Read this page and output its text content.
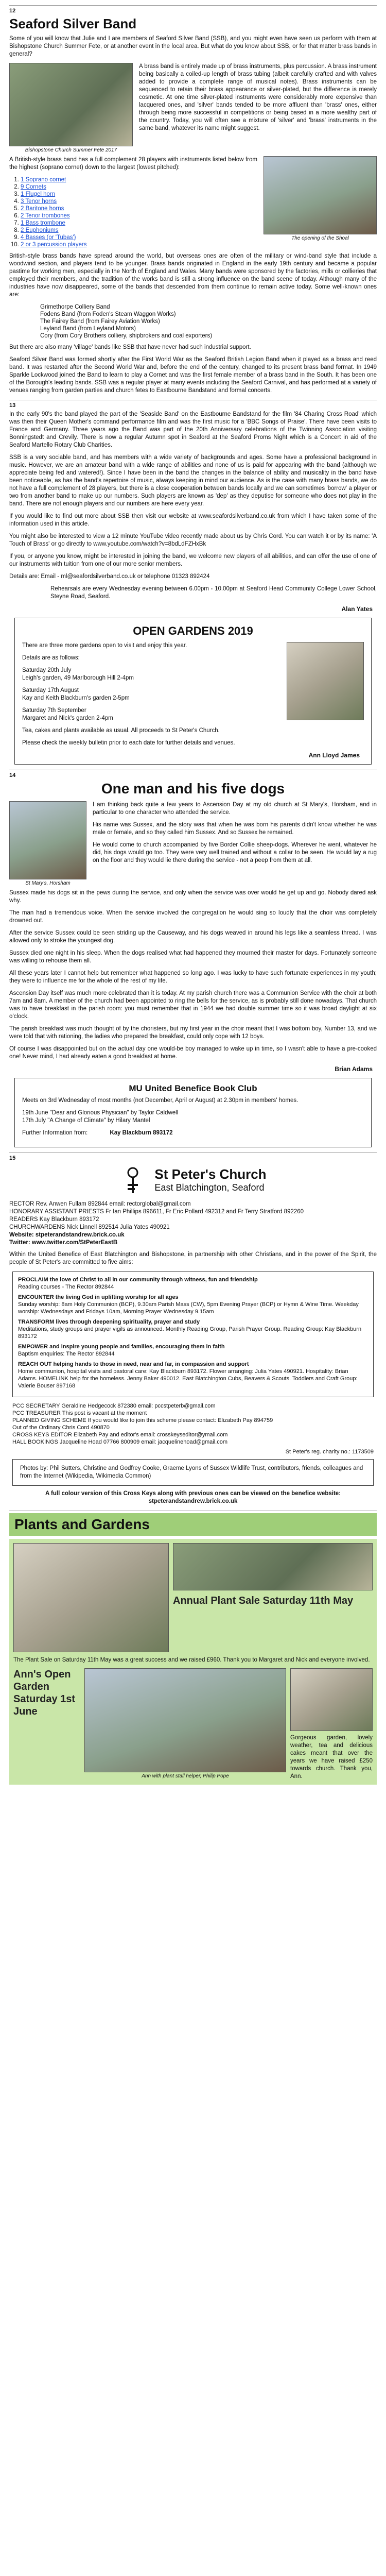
12
Seaford Silver Band

Some of you will know that Julie and I are members of Seaford Silver Band (SSB), and you might even have seen us perform with them at Bishopstone Church Summer Fete, or at another event in the local area. But what do you know about SSB, or for that matter brass bands in general?

Bishopstone Church Summer Fete 2017

A brass band is entirely made up of brass instruments, plus percussion. A brass instrument being basically a coiled-up length of brass tubing (albeit carefully crafted and with valves added to provide a complete range of musical notes). Brass instruments can be sequenced to retain their brass appearance or silver-plated, but the difference is merely cosmetic. At one time silver-plated instruments were considerably more expensive than lacquered ones, and 'silver' bands tended to be more affluent than 'brass' ones, either through being more successful in competitions or being based in a more wealthy part of the country. Today, you will often see a mixture of 'silver' and 'brass' instruments in the same band, whatever its name might suggest.

The opening of the Shoal

A British-style brass band has a full complement 28 players with instruments listed below from the highest (soprano cornet) down to the largest (lowest pitched):

1. 1 Soprano cornet
2. 9 Cornets
3. 1 Flugel horn
4. 3 Tenor horns
5. 2 Baritone horns
6. 2 Tenor trombones
7. 1 Bass trombone
8. 2 Euphoniums
9. 4 Basses (or 'Tubas')
10. 2 or 3 percussion players

British-style brass bands have spread around the world, but overseas ones are often of the military or wind-band style that include a woodwind section, and players tend to be younger. Brass bands originated in England in the early 19th century and became a popular pastime for working men, especially in the North of England and Wales. Many bands were sponsored by the factories, mills or collieries that employed their members, and the tradition of the works band is still a strong influence on the band scene of today. Although many of the industries have now disappeared, some of the bands that descended from them continue to remain active today. Some well-known ones are:

Grimethorpe Colliery Band
Fodens Band (from Foden's Steam Waggon Works)
The Fairey Band (from Fairey Aviation Works)
Leyland Band (from Leyland Motors)
Cory (from Cory Brothers colliery, shipbrokers and coal exporters)

But there are also many 'village' bands like SSB that have never had such industrial support.

Seaford Silver Band was formed shortly after the First World War as the Seaford British Legion Band when it played as a brass and reed band. It was restarted after the Second World War and, before the end of the century, changed to its present brass band format. In 1949 Sparkle Lockwood joined the Band to learn to play a Cornet and was the first female member of a brass band in the South. It has been one of the Borough's leading bands. SSB was a regular player at many events including the Seaford Carnival, and has performed at a variety of venues ranging from garden parties and church fetes to Eastbourne Bandstand and formal concerts.

13

In the early 90's the band played the part of the 'Seaside Band' on the Eastbourne Bandstand for the film '84 Charing Cross Road' which was then their Queen Mother's command performance film and was the first music for a 'BBC Songs of Praise'. There have been visits to France and Germany. Three years ago the Band was part of the 20th Anniversary celebrations of the Twinning Association visiting Bonningstedt and Crevily. There is now a regular Autumn spot in Seaford at the Seaford Proms Night which is a Concert in aid of the Seaford Martello Rotary Club Charities.

SSB is a very sociable band, and has members with a wide variety of backgrounds and ages. Some have a professional background in music. However, we are an amateur band with a wide range of abilities and none of us is paid for appearing with the band (although we appreciate being fed and watered!). Since I have been in the band the changes in the balance of ability and musicality in the band have been noticeable, as has the band's repertoire of music, always keeping in mind our audience. As is the case with many brass bands, we do not have a full complement of 28 players, but there is a close cooperation between bands locally and we can sometimes 'borrow' a player or two from another band to make up our numbers. Such players are known as 'dep' as they deputise for someone who does not play in the band. There are not enough players and our numbers are here every year.

If you would like to find out more about SSB then visit our website at www.seafordsilverband.co.uk from which I have taken some of the information used in this article.

You might also be interested to view a 12 minute YouTube video recently made about us by Chris Cord. You can watch it or by its name: 'A Touch of Brass' or go directly to www.youtube.com/watch?v=8bdLdFZHxBk

If you, or anyone you know, might be interested in joining the band, we welcome new players of all abilities, and can offer the use of one of our instruments with tuition from one of our more senior members.

Details are: Email - ml@seafordsilverband.co.uk or telephone 01323 892424

Rehearsals are every Wednesday evening between 6.00pm - 10.00pm at Seaford Head Community College Lower School, Steyne Road, Seaford.

Alan Yates
OPEN GARDENS 2019

There are three more gardens open to visit and enjoy this year.

Details are as follows:

Saturday 20th July

Leigh's garden, 49 Marlborough Hill 2-4pm

Saturday 17th August

Kay and Keith Blackburn's garden 2-5pm

Saturday 7th September

Margaret and Nick's garden 2-4pm

Tea, cakes and plants available as usual. All proceeds to St Peter's Church.

Please check the weekly bulletin prior to each date for further details and venues.

Ann Lloyd James
14
One man and his five dogs
St Mary's, Horsham

I am thinking back quite a few years to Ascension Day at my old church at St Mary's, Horsham, and in particular to one character who attended the service.

His name was Sussex, and the story was that when he was born his parents didn't know whether he was male or female, and so they called him Sussex. And so Sussex he remained.

He would come to church accompanied by five Border Collie sheep-dogs. Wherever he went, whatever he did, his dogs would go too. They were very well trained and without a collar to be seen. He would lay a rug on the floor and they would lie there during the service - not a peep from them at all.

Sussex made his dogs sit in the pews during the service, and only when the service was over would he get up and go. Nobody dared ask why.

The man had a tremendous voice. When the service involved the congregation he would sing so loudly that the choir was completely drowned out.

After the service Sussex could be seen striding up the Causeway, and his dogs weaved in around his legs like a seamless thread. I was allowed only to stroke the youngest dog.

Sussex died one night in his sleep. When the dogs realised what had happened they mourned their master for days. Fortunately someone was willing to rehouse them all.

All these years later I cannot help but remember what happened so long ago. I was lucky to have such fortunate experiences in my youth; they were to influence me for the whole of the rest of my life.

Ascension Day itself was much more celebrated than it is today. At my parish church there was a Communion Service with the choir at both 7am and 8am. A member of the church had been appointed to ring the bells for the service, as is probably still done nowadays. That church was to have breakfast in the parish room: you must remember that in 1944 we had double summer time so it was broad daylight at six o'clock.

The parish breakfast was much thought of by the choristers, but my first year in the choir meant that I was bottom boy, Number 13, and we were told that with rationing, the ladies who prepared the breakfast, could only cope with 12 boys.

Of course I was disappointed but on the actual day one would-be boy managed to wake up in time, so I wasn't able to have a pre-cooked one! Never mind, I had already eaten a good breakfast at home.

Brian Adams
MU United Benefice Book Club

Meets on 3rd Wednesday of most months (not December, April or August) at 2.30pm in members' homes.

19th June "Dear and Glorious Physician" by Taylor Caldwell

17th July "A Change of Climate" by Hilary Mantel

Further Information from:	Kay Blackburn 893172

15
St Peter's Church
East Blatchington, Seaford

RECTOR Rev. Anwen Fullam 892844 email: rectorglobal@gmail.com

HONORARY ASSISTANT PRIESTS Fr Ian Phillips 896611, Fr Eric Pollard 492312 and Fr Terry Stratford 892260

READERS Kay Blackburn 893172

CHURCHWARDENS Nick Linnell 892514 Julia Yates 490921

Website: stpeterandstandrew.brick.co.uk

Twitter: www.twitter.com/StPeterEastB

Within the United Benefice of East Blatchington and Bishopstone, in partnership with other Christians, and in the power of the Spirit, the people of St Peter's are committed to five aims:

PROCLAIM the love of Christ to all in our community through witness, fun and friendship
Reading courses - The Rector 892844

ENCOUNTER the living God in uplifting worship for all ages
Sunday worship: 8am Holy Communion (BCP), 9.30am Parish Mass (CW), 5pm Evening Prayer (BCP) or Hymn & Wine Time. Weekday worship: Wednesdays and Fridays 10am, Morning Prayer Wednesday 9.15am

TRANSFORM lives through deepening spirituality, prayer and study
Meditations, study groups and prayer vigils as announced. Monthly Reading Group, Parish Prayer Group. Reading Group: Kay Blackburn 893172

EMPOWER and inspire young people and families, encouraging them in faith
Baptism enquiries: The Rector 892844

REACH OUT helping hands to those in need, near and far, in compassion and support
Home communion, hospital visits and pastoral care: Kay Blackburn 893172. Flower arranging: Julia Yates 490921. Hospitality: Brian Adams. HOMELINK help for the homeless. Jenny Baker 490012. East Blatchington Cubs, Beavers & Scouts. Toddlers and Craft Group: Valerie Bouser 897168

PCC SECRETARY Geraldine Hedgecock 872380 email: pccstpeterb@gmail.com

PCC TREASURER This post is vacant at the moment

PLANNED GIVING SCHEME If you would like to join this scheme please contact: Elizabeth Pay 894759

Out of the Ordinary Chris Cord 490870

CROSS KEYS EDITOR Elizabeth Pay and editor's email: crosskeyseditor@ymail.com

HALL BOOKINGS Jacqueline Hoad 07766 800909 email: jacquelinehoad@gmail.com

St Peter's reg. charity no.: 1173509

Photos by: Phil Sutters, Christine and Godfrey Cooke, Graeme Lyons of Sussex Wildlife Trust, contributors, friends, colleagues and from the Internet (Wikipedia, Wikimedia Common)

A full colour version of this Cross Keys along with previous ones can be viewed on the benefice website: stpeterandstandrew.brick.co.uk

Plants and Gardens
Annual Plant Sale Saturday 11th May

The Plant Sale on Saturday 11th May was a great success and we raised £960. Thank you to Margaret and Nick and everyone involved.

Ann's Open Garden Saturday 1st June
Ann with plant stall helper, Philip Pope

Gorgeous garden, lovely weather, tea and delicious cakes meant that over the years we have raised £250 towards church. Thank you, Ann.
